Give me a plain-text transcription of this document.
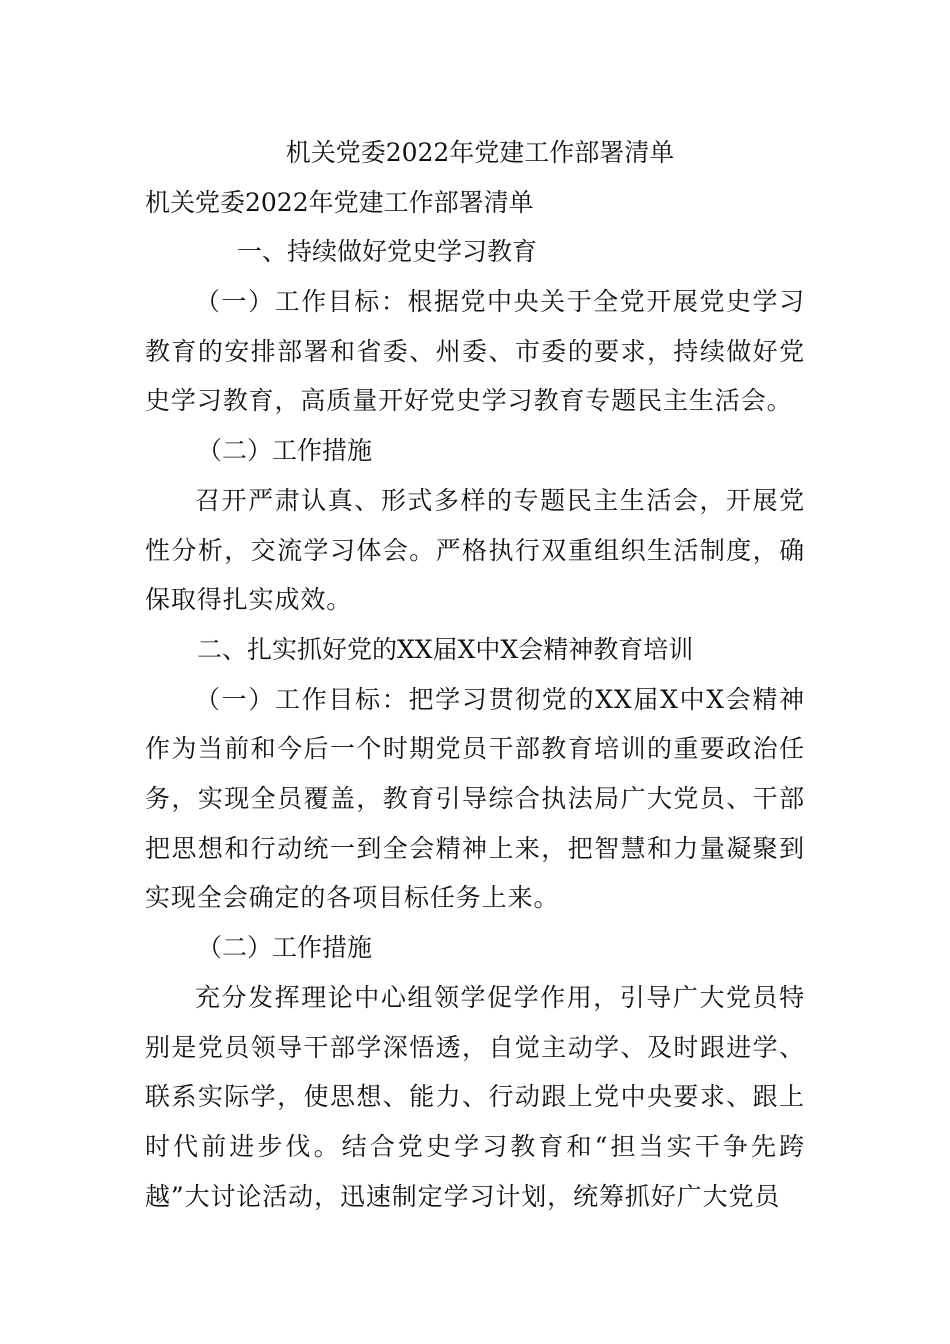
机关党委2022年党建工作部署清单
机关党委2022年党建工作部署清单
一、持续做好党史学习教育

（一）工作目标：根据党中央关于全党开展党史学习教育的安排部署和省委、州委、市委的要求，持续做好党史学习教育，高质量开好党史学习教育专题民主生活会。

（二）工作措施

召开严肃认真、形式多样的专题民主生活会，开展党性分析，交流学习体会。严格执行双重组织生活制度，确保取得扎实成效。

二、扎实抓好党的XX届X中X会精神教育培训

（一）工作目标：把学习贯彻党的XX届X中X会精神作为当前和今后一个时期党员干部教育培训的重要政治任务，实现全员覆盖，教育引导综合执法局广大党员、干部把思想和行动统一到全会精神上来，把智慧和力量凝聚到实现全会确定的各项目标任务上来。

（二）工作措施

充分发挥理论中心组领学促学作用，引导广大党员特别是党员领导干部学深悟透，自觉主动学、及时跟进学、联系实际学，使思想、能力、行动跟上党中央要求、跟上时代前进步伐。结合党史学习教育和“担当实干争先跨越”大讨论活动，迅速制定学习计划，统筹抓好广大党员
